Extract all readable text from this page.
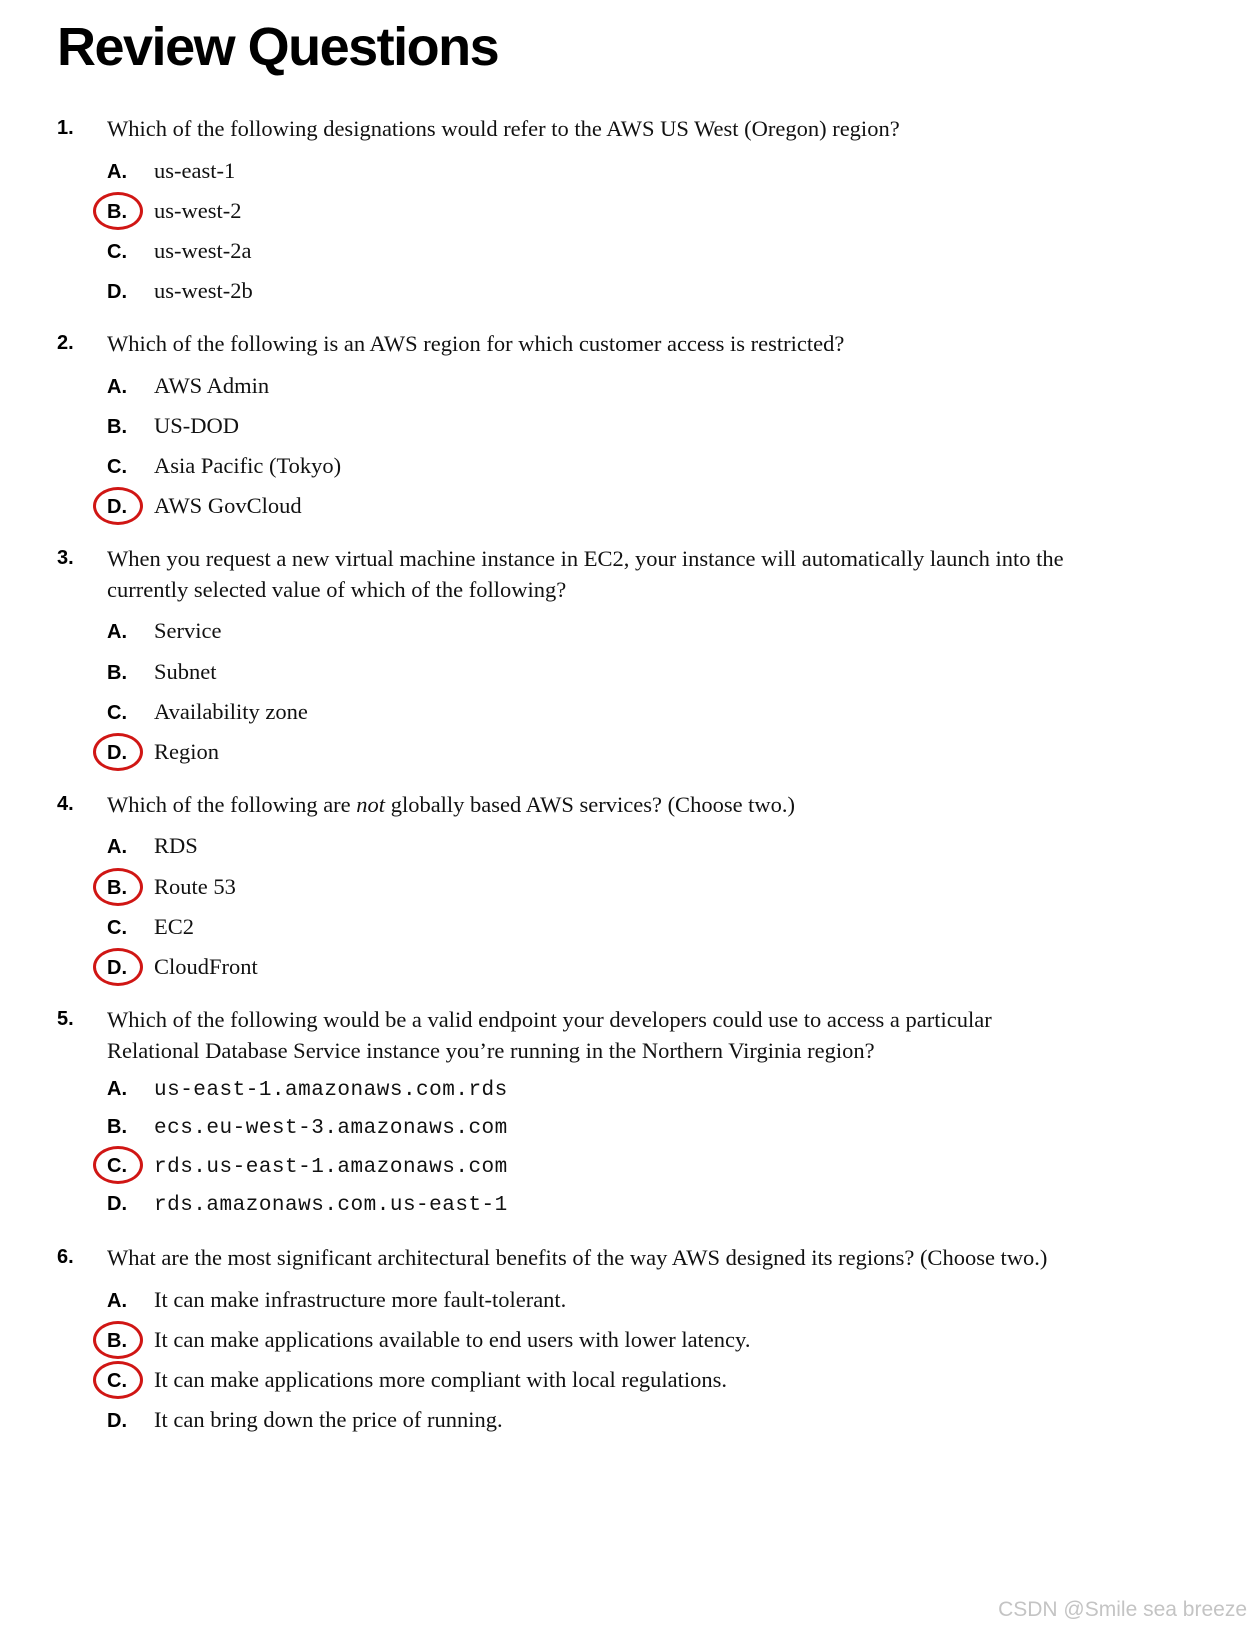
Review Questions
1.	Which of the following designations would refer to the AWS US West (Oregon) region?
A.	us-east-1
B.	us-west-2
C.	us-west-2a
D.	us-west-2b
2.	Which of the following is an AWS region for which customer access is restricted?
A.	AWS Admin
B.	US-DOD
C.	Asia Pacific (Tokyo)
D.	AWS GovCloud
3.	When you request a new virtual machine instance in EC2, your instance will automatically launch into the currently selected value of which of the following?
A.	Service
B.	Subnet
C.	Availability zone
D.	Region
4.	Which of the following are not globally based AWS services? (Choose two.)
A.	RDS
B.	Route 53
C.	EC2
D.	CloudFront
5.	Which of the following would be a valid endpoint your developers could use to access a particular Relational Database Service instance you’re running in the Northern Virginia region?
A.	us-east-1.amazonaws.com.rds
B.	ecs.eu-west-3.amazonaws.com
C.	rds.us-east-1.amazonaws.com
D.	rds.amazonaws.com.us-east-1
6.	What are the most significant architectural benefits of the way AWS designed its regions? (Choose two.)
A.	It can make infrastructure more fault-tolerant.
B.	It can make applications available to end users with lower latency.
C.	It can make applications more compliant with local regulations.
D.	It can bring down the price of running.
CSDN @Smile sea breeze
